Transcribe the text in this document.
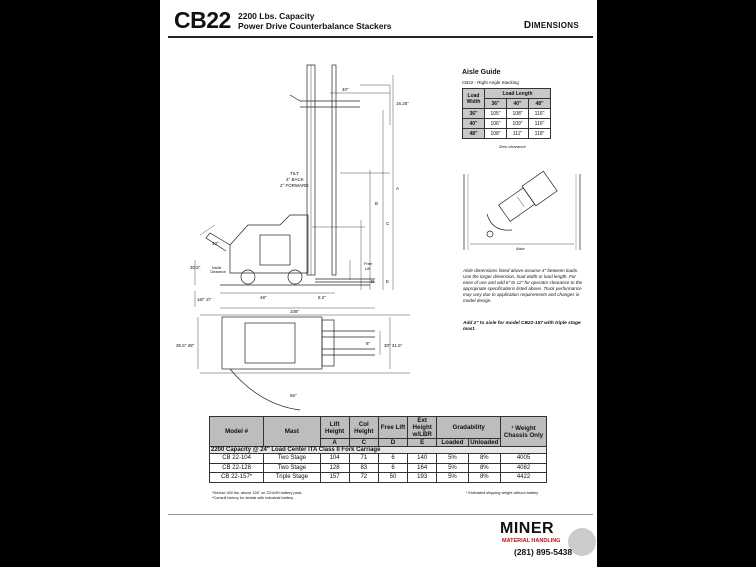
CB22 2200 Lbs. Capacity
Power Drive Counterbalance Stackers	DIMENSIONS
40"
16.25"
TILT
4° BACK
2° FORWARD
43°
30.5"	Inside
Clearance
Free
Lift
A
B
C
D	E
48"	8.2"
16\" 2\"
108"
35.5" 28"	8"	30" 31.5"
56"
Aisle Guide
CB22 - Right Angle Stacking
Load Width	Load Length		
	36"	40"	48"
36"	105"	108"	116"
40"	106"	109"	116"
48"	108"	111"	118"
Zero clearance
Aisle
Aisle dimensions listed above assume 4" between loads. Use the larger dimension, load width or load length. For ease of use and add 6" to 12" for operator clearance to the appropriate specifications listed above. Truck performance may vary due to application requirements and changes in model design.
Add 2" to aisle for model CB22-157 with triple stage mast.
Model #	Mast	Lift Height	Col Height	Free Lift	Ext Height w/LBR	Gradability		¹ Weight Chassis Only
		A	C	D	E	Loaded	Unloaded	
2200 Capacity @ 24" Load Center ITA Class II Fork Carriage								
CB 22-104	Two Stage	104	71	6	140	5%	8%	4005
CB 22-128	Two Stage	128	83	6	164	5%	8%	4082
CB 22-157*	Triple Stage	157	72	50	193	5%	8%	4422
*Deduct 400 lbs. above 128" on 22/4/4H battery pack.
*Consult factory for details with industrial battery.
¹ Estimated shipping weight without battery
MINER
MATERIAL HANDLING
(281) 895-5438
